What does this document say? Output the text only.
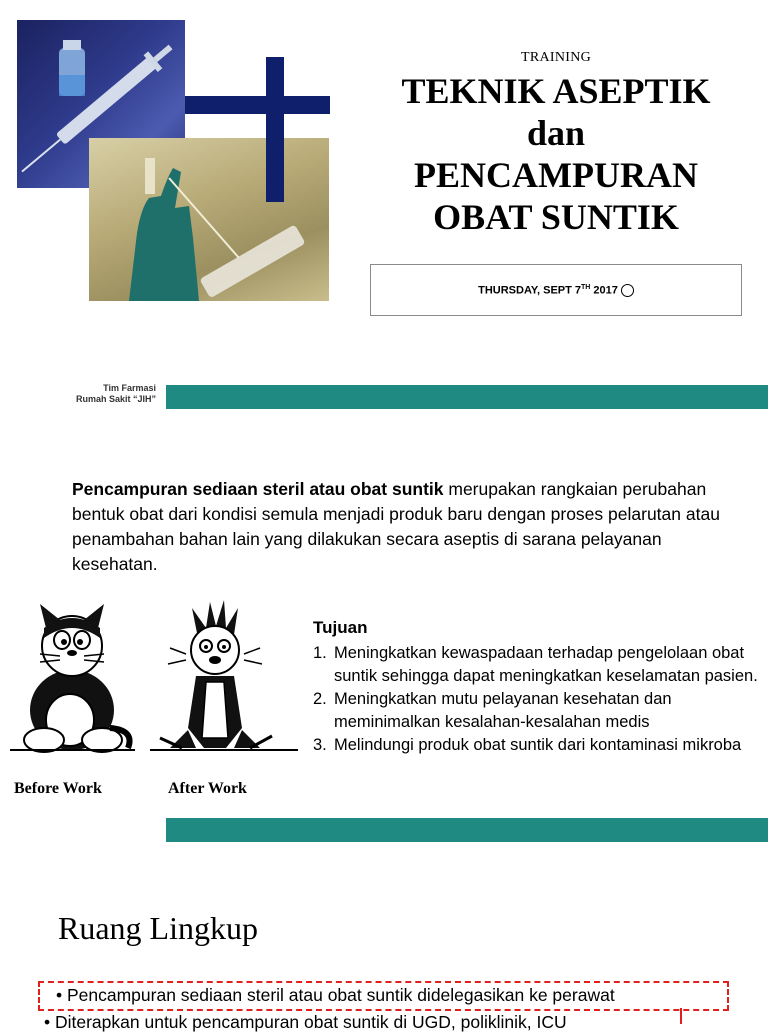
TRAINING
TEKNIK ASEPTIK
dan
PENCAMPURAN
OBAT SUNTIK
THURSDAY, SEPT 7TH 2017
Tim Farmasi
Rumah Sakit “JIH”
Pencampuran sediaan steril atau obat suntik merupakan rangkaian perubahan bentuk obat dari kondisi semula menjadi produk baru dengan proses pelarutan atau penambahan bahan lain yang dilakukan secara aseptis di sarana pelayanan kesehatan.
Before Work	After Work
Tujuan
1. Meningkatkan kewaspadaan terhadap pengelolaan obat suntik sehingga dapat meningkatkan keselamatan pasien.
2. Meningkatkan mutu pelayanan kesehatan dan meminimalkan kesalahan-kesalahan medis
3. Melindungi produk obat suntik dari kontaminasi mikroba
Ruang Lingkup
• Pencampuran sediaan steril atau obat suntik didelegasikan ke perawat
• Diterapkan untuk pencampuran obat suntik di UGD, poliklinik, ICU
